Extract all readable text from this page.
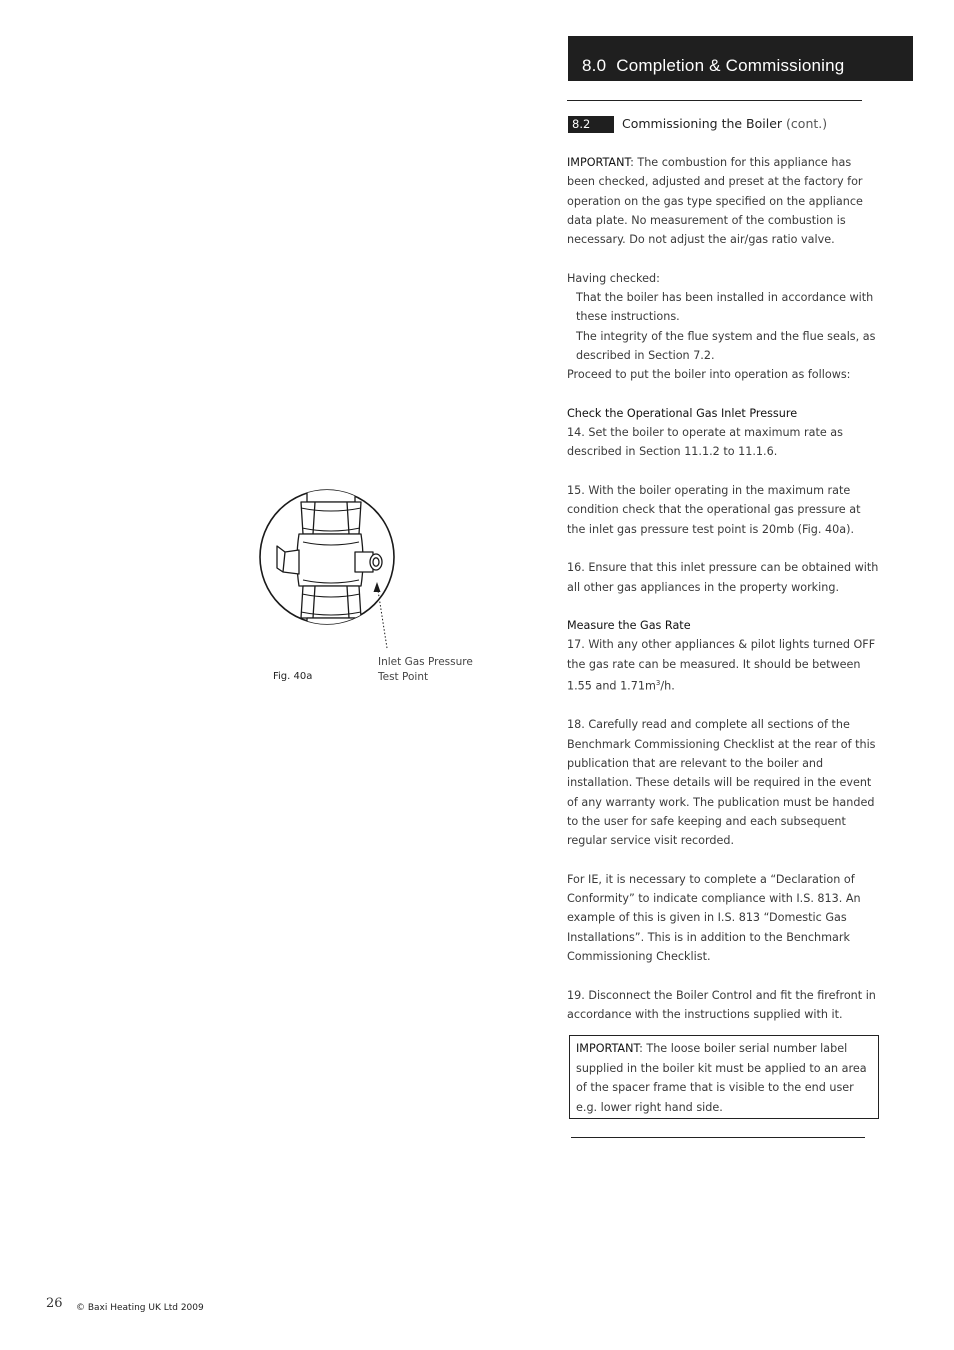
8.0 Completion & Commissioning
8.2	Commissioning the Boiler (cont.)

IMPORTANT: The combustion for this appliance has been checked, adjusted and preset at the factory for operation on the gas type specified on the appliance data plate. No measurement of the combustion is necessary. Do not adjust the air/gas ratio valve.

Having checked:

That the boiler has been installed in accordance with these instructions.

The integrity of the flue system and the flue seals, as described in Section 7.2.

Proceed to put the boiler into operation as follows:

Check the Operational Gas Inlet Pressure

14. Set the boiler to operate at maximum rate as described in Section 11.1.2 to 11.1.6.

15. With the boiler operating in the maximum rate condition check that the operational gas pressure at the inlet gas pressure test point is 20mb (Fig. 40a).

16. Ensure that this inlet pressure can be obtained with all other gas appliances in the property working.

Measure the Gas Rate

17. With any other appliances & pilot lights turned OFF the gas rate can be measured. It should be between 1.55 and $1.71m^3/h$.

18. Carefully read and complete all sections of the Benchmark Commissioning Checklist at the rear of this publication that are relevant to the boiler and installation. These details will be required in the event of any warranty work. The publication must be handed to the user for safe keeping and each subsequent regular service visit recorded.

For IE, it is necessary to complete a “Declaration of Conformity” to indicate compliance with I.S. 813. An example of this is given in I.S. 813 “Domestic Gas Installations”. This is in addition to the Benchmark Commissioning Checklist.

19. Disconnect the Boiler Control and fit the firefront in accordance with the instructions supplied with it.

IMPORTANT: The loose boiler serial number label supplied in the boiler kit must be applied to an area of the spacer frame that is visible to the end user e.g. lower right hand side.
Fig. 40a
Inlet Gas Pressure
Test Point
26 © Baxi Heating UK Ltd 2009
